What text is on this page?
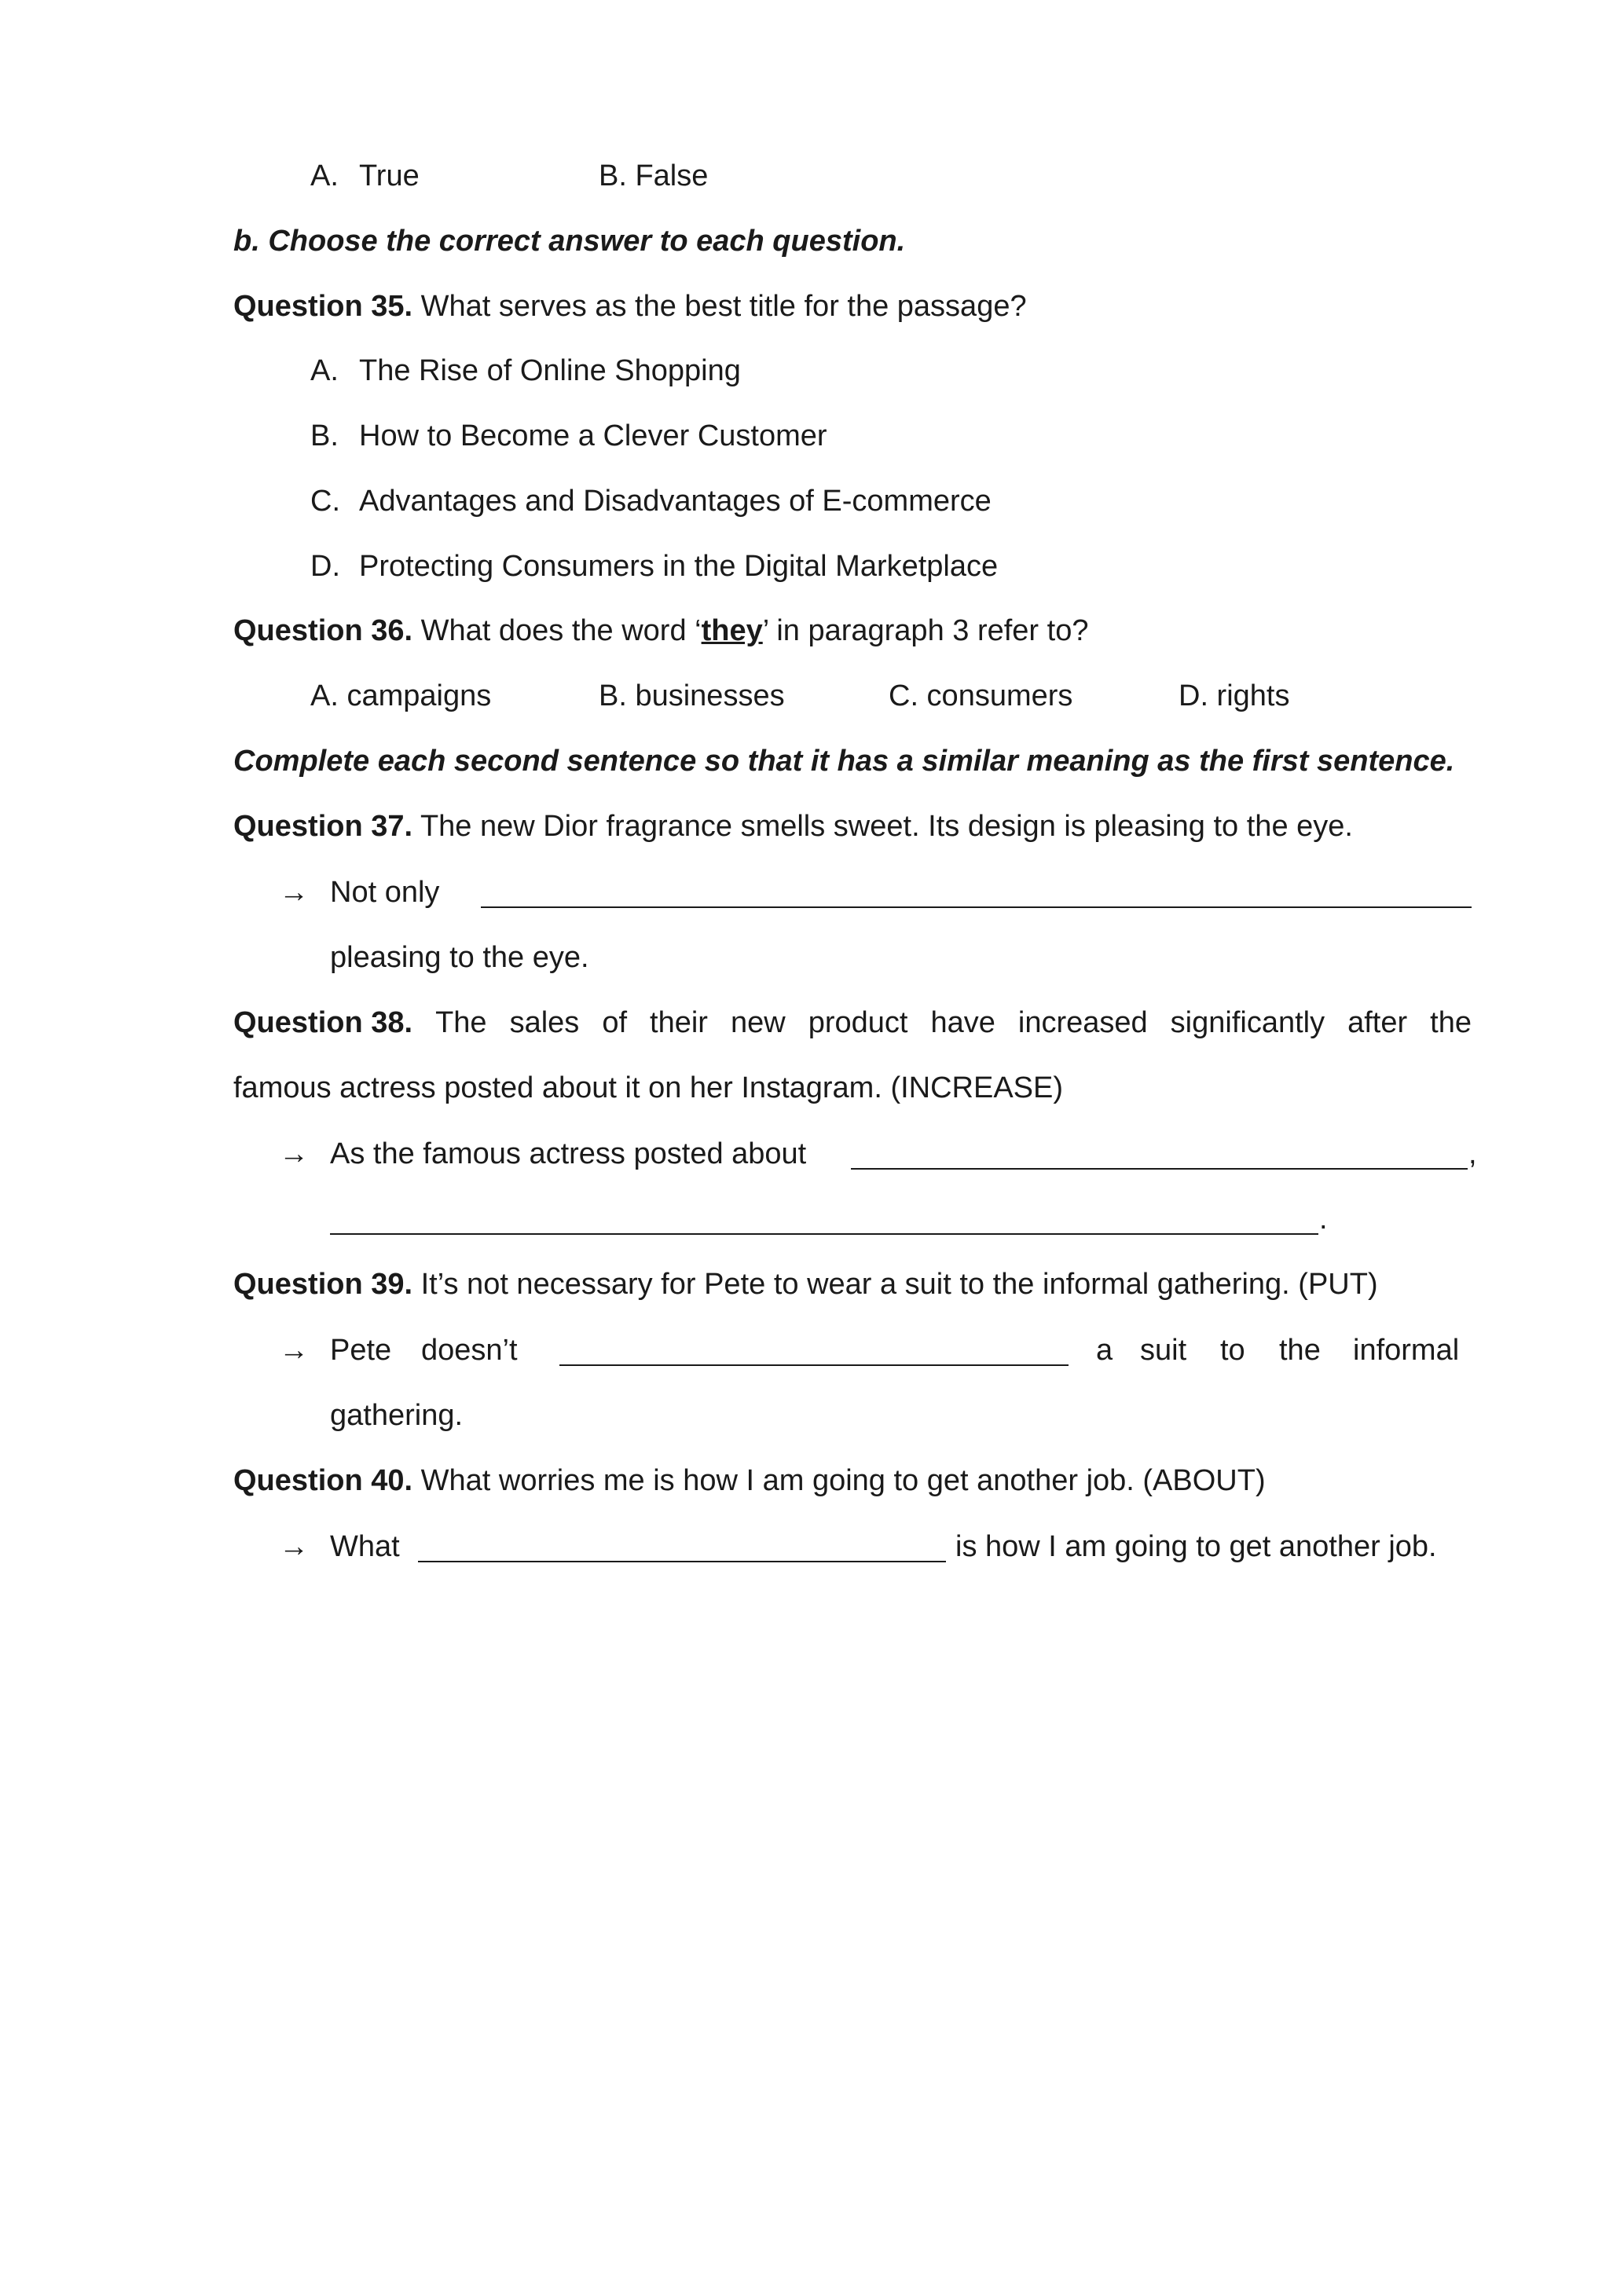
A. True	B. False
b. Choose the correct answer to each question.
Question 35. What serves as the best title for the passage?
A. The Rise of Online Shopping
B. How to Become a Clever Customer
C. Advantages and Disadvantages of E-commerce
D. Protecting Consumers in the Digital Marketplace
Question 36. What does the word ‘they’ in paragraph 3 refer to?
A. campaigns	B. businesses	C. consumers	D. rights
Complete each second sentence so that it has a similar meaning as the first sentence.
Question 37. The new Dior fragrance smells sweet. Its design is pleasing to the eye.
→ Not only
pleasing to the eye.
Question 38. The sales of their new product have increased significantly after the
famous actress posted about it on her Instagram. (INCREASE)
→ As the famous actress posted about	,
.
Question 39. It’s not necessary for Pete to wear a suit to the informal gathering. (PUT)
→ Pete doesn’t	a suit to the informal
gathering.
Question 40. What worries me is how I am going to get another job. (ABOUT)
→ What	is how I am going to get another job.
